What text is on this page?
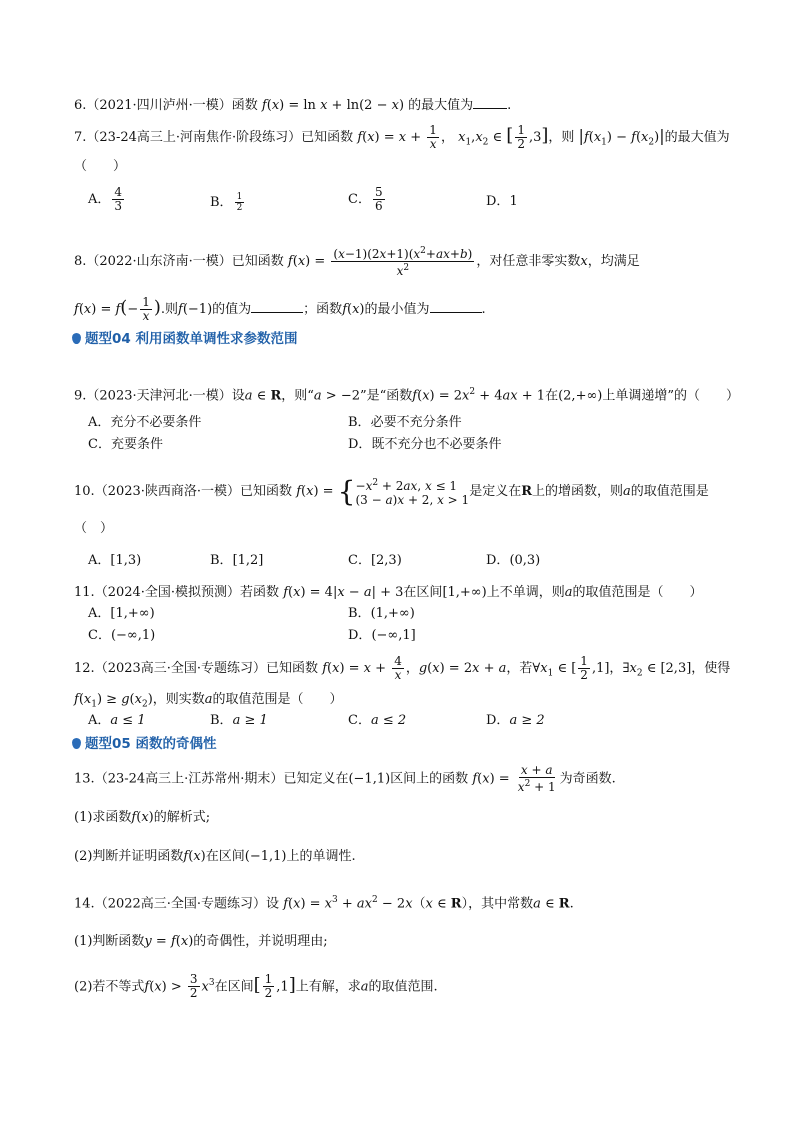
6.（2021·四川泸州·一模）函数 f(x) = ln x + ln(2 − x) 的最大值为	.
7.（23-24高三上·河南焦作·阶段练习）已知函数 $f(x) = x + \frac{1}{x}$ ， $x_1,x_2$ ∈ [ $\frac{1}{2} ,3$]，则 $|f(x_1) - f(x_2)|$的最大值为
（　　）
A． $\frac{4}{3}$	B． $\frac{1}{2}$	C． $\frac{5}{6}$	D．1
8.（2022·山东济南·一模）已知函数 $f(x) = \frac{(x-1)(2x+1)(x^2+ax+b)}{x^2}$ ，对任意非零实数x，均满足
$f(x) = f(- \frac{1}{x}$ ).则f(−1)的值为	；函数f(x)的最小值为	.
题型04 利用函数单调性求参数范围
9.（2023·天津河北·一模）设a ∈ R，则“a > −2”是“函数$f(x) = 2x^2 + 4ax + 1$在(2,+∞)上单调递增”的（　　）
A．充分不必要条件	B．必要不充分条件
C．充要条件	D．既不充分也不必要条件
10.（2023·陕西商洛·一模）已知函数 f(x) = { $-x^2 + 2ax$, x ≤ 1
(3 − a)x + 2, x > 1
是定义在R上的增函数，则a的取值范围是
（　）
A．[1,3)	B．[1,2]	C．[2,3)	D．(0,3)
11.（2024·全国·模拟预测）若函数 f(x) = 4|x − a| + 3在区间[1,+∞)上不单调，则a的取值范围是（　　）
A．[1,+∞)	B．(1,+∞)
C．(−∞,1)	D．(−∞,1]
12.（2023高三·全国·专题练习）已知函数 $f(x) = x + \frac{4}{x}$ ，g(x) = 2x + a，若$\forall x_1$ ∈ [ $\frac{1}{2} ,1$]，$\exists x_2$ ∈ [2,3]，使得
$f(x_1) \ge g(x_2)$，则实数a的取值范围是（　　）
A．a ≤ 1	B．a ≥ 1	C．a ≤ 2	D．a ≥ 2
题型05 函数的奇偶性
13.（23-24高三上·江苏常州·期末）已知定义在(−1,1)区间上的函数 $f(x) = \frac{x + a}{x^2 + 1}$ 为奇函数.
(1)求函数f(x)的解析式;
(2)判断并证明函数f(x)在区间(−1,1)上的单调性.
14.（2022高三·全国·专题练习）设 $f(x) = x^3 + ax^2 - 2x(x$ ∈ R），其中常数a ∈ R.
(1)判断函数y = f(x)的奇偶性，并说明理由;
(2)若不等式$f(x) > \frac{3}{2} x^3$在区间[ $\frac{1}{2} ,1$]上有解，求a的取值范围.
